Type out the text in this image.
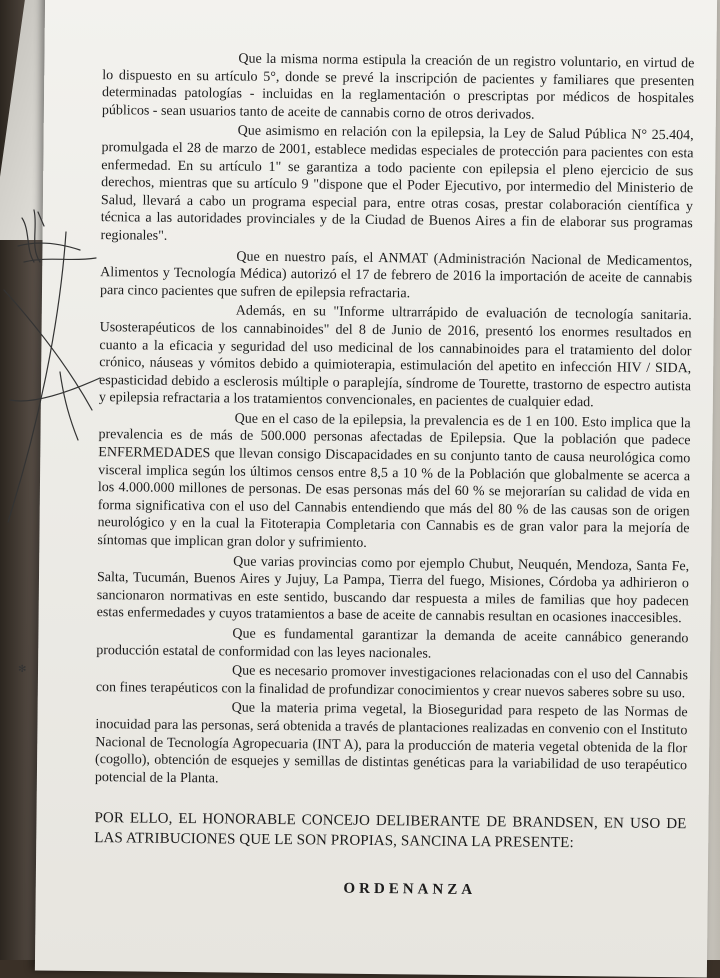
Que la misma norma estipula la creación de un registro voluntario, en virtud de lo dispuesto en su artículo 5°, donde se prevé la inscripción de pacientes y familiares que presenten determinadas patologías - incluidas en la reglamentación o prescriptas por médicos de hospitales públicos - sean usuarios tanto de aceite de cannabis corno de otros derivados.

Que asimismo en relación con la epilepsia, la Ley de Salud Pública N° 25.404, promulgada el 28 de marzo de 2001, establece medidas especiales de protección para pacientes con esta enfermedad. En su artículo 1" se garantiza a todo paciente con epilepsia el pleno ejercicio de sus derechos, mientras que su artículo 9 "dispone que el Poder Ejecutivo, por intermedio del Ministerio de Salud, llevará a cabo un programa especial para, entre otras cosas, prestar colaboración científica y técnica a las autoridades provinciales y de la Ciudad de Buenos Aires a fin de elaborar sus programas regionales".

Que en nuestro país, el ANMAT (Administración Nacional de Medicamentos, Alimentos y Tecnología Médica) autorizó el 17 de febrero de 2016 la importación de aceite de cannabis para cinco pacientes que sufren de epilepsia refractaria.

Además, en su "Informe ultrarrápido de evaluación de tecnología sanitaria. Usosterapéuticos de los cannabinoides" del 8 de Junio de 2016, presentó los enormes resultados en cuanto a la eficacia y seguridad del uso medicinal de los cannabinoides para el tratamiento del dolor crónico, náuseas y vómitos debido a quimioterapia, estimulación del apetito en infección HIV / SIDA, espasticidad debido a esclerosis múltiple o paraplejía, síndrome de Tourette, trastorno de espectro autista y epilepsia refractaria a los tratamientos convencionales, en pacientes de cualquier edad.

Que en el caso de la epilepsia, la prevalencia es de 1 en 100. Esto implica que la prevalencia es de más de 500.000 personas afectadas de Epilepsia. Que la población que padece ENFERMEDADES que llevan consigo Discapacidades en su conjunto tanto de causa neurológica como visceral implica según los últimos censos entre 8,5 a 10 % de la Población que globalmente se acerca a los 4.000.000 millones de personas. De esas personas más del 60 % se mejorarían su calidad de vida en forma significativa con el uso del Cannabis entendiendo que más del 80 % de las causas son de origen neurológico y en la cual la Fitoterapia Completaria con Cannabis es de gran valor para la mejoría de síntomas que implican gran dolor y sufrimiento.

Que varias provincias como por ejemplo Chubut, Neuquén, Mendoza, Santa Fe, Salta, Tucumán, Buenos Aires y Jujuy, La Pampa, Tierra del fuego, Misiones, Córdoba ya adhirieron o sancionaron normativas en este sentido, buscando dar respuesta a miles de familias que hoy padecen estas enfermedades y cuyos tratamientos a base de aceite de cannabis resultan en ocasiones inaccesibles.

Que es fundamental garantizar la demanda de aceite cannábico generando producción estatal de conformidad con las leyes nacionales.

Que es necesario promover investigaciones relacionadas con el uso del Cannabis con fines terapéuticos con la finalidad de profundizar conocimientos y crear nuevos saberes sobre su uso.

Que la materia prima vegetal, la Bioseguridad para respeto de las Normas de inocuidad para las personas, será obtenida a través de plantaciones realizadas en convenio con el Instituto Nacional de Tecnología Agropecuaria (INT A), para la producción de materia vegetal obtenida de la flor (cogollo), obtención de esquejes y semillas de distintas genéticas para la variabilidad de uso terapéutico potencial de la Planta.

POR ELLO, EL HONORABLE CONCEJO DELIBERANTE DE BRANDSEN, EN USO DE LAS ATRIBUCIONES QUE LE SON PROPIAS, SANCINA LA PRESENTE:
ORDENANZA
✻
